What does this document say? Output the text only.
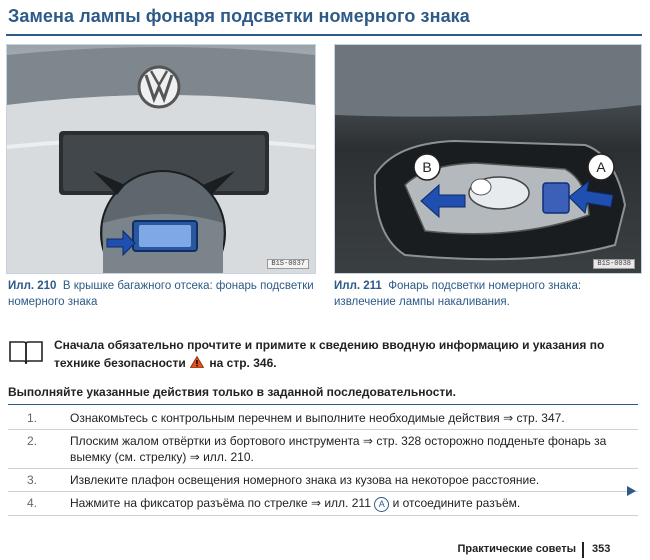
Замена лампы фонаря подсветки номерного знака
B1S-0037
B	A
B1S-0038
Илл. 210 В крышке багажного отсека: фонарь подсветки номерного знака
Илл. 211 Фонарь подсветки номерного знака: извлечение лампы накаливания.
Сначала обязательно прочтите и примите к сведению вводную информацию и указания по технике безопасности на стр. 346.
Выполняйте указанные действия только в заданной последовательности.
1.	Ознакомьтесь с контрольным перечнем и выполните необходимые действия ⇒ стр. 347.
2.	Плоским жалом отвёртки из бортового инструмента ⇒ стр. 328 осторожно подденьте фонарь за выемку (см. стрелку) ⇒ илл. 210.
3.	Извлеките плафон освещения номерного знака из кузова на некоторое расстояние.
4.	Нажмите на фиксатор разъёма по стрелке ⇒ илл. 211 A и отсоедините разъём.
Практические советы 353
